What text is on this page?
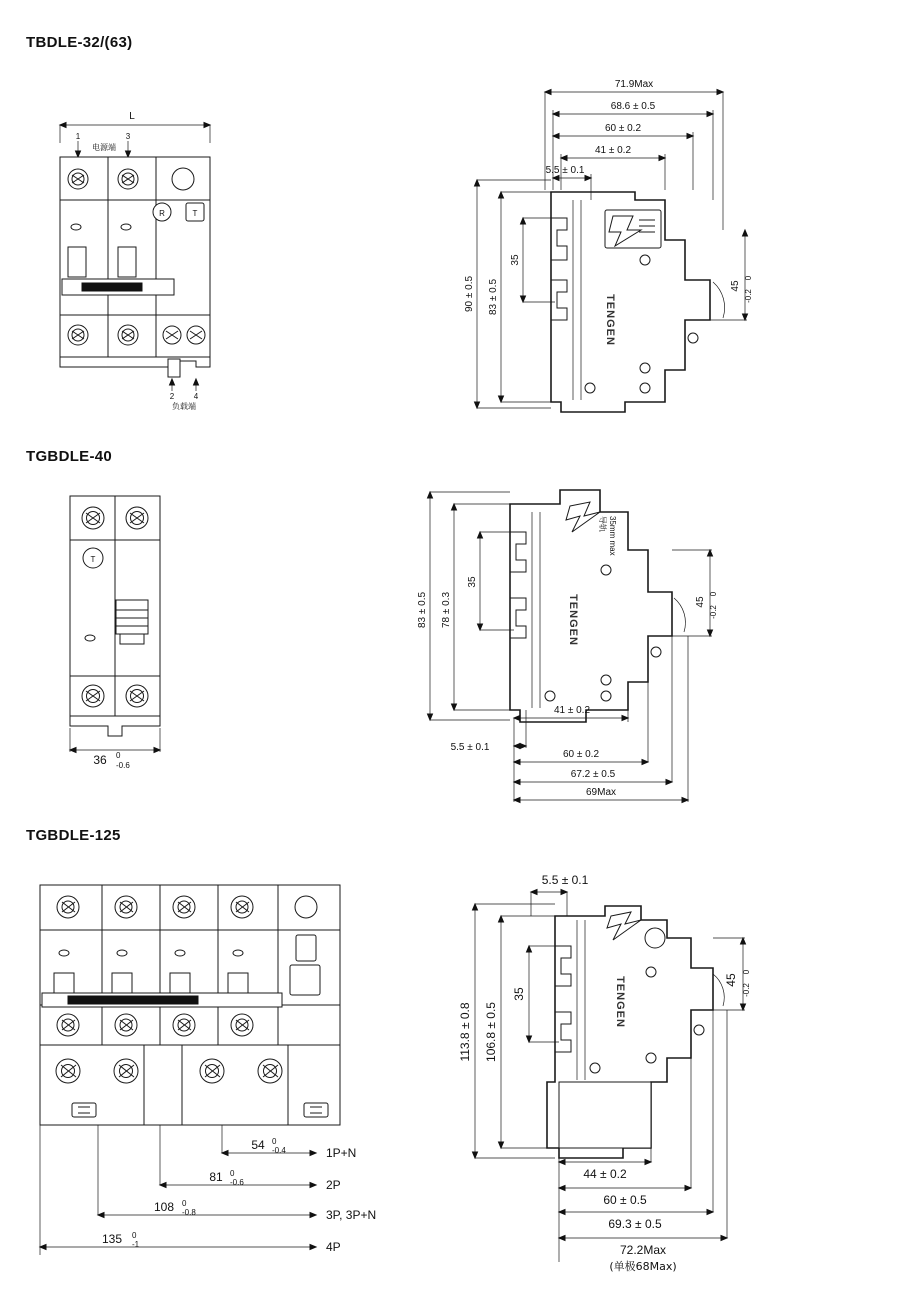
TBDLE-32/(63)
L
1	3
电源端
R	T
2 4
负载端
71.9Max
68.6 ± 0.5
60 ± 0.2
41 ± 0.2
5.5 ± 0.1
90 ± 0.5 83 ± 0.5
35
TENGEN
45
0
-0.2
TGBDLE-40
T
36 0
-0.6
83 ± 0.5 78 ± 0.3
35
35mm max
导轨
TENGEN	45
0
-0.2
41 ± 0.2
5.5 ± 0.1
60 ± 0.2
67.2 ± 0.5
69Max
TGBDLE-125
54 0
-0.4	1P+N
81 0
-0.6	2P
108 0
-0.8	3P, 3P+N
135 0
-1	4P
5.5 ± 0.1
113.8 ± 0.8 106.8 ± 0.5
35	TENGEN	45
0
-0.2
44 ± 0.2
60 ± 0.5
69.3 ± 0.5
72.2Max
(单极68Max)
